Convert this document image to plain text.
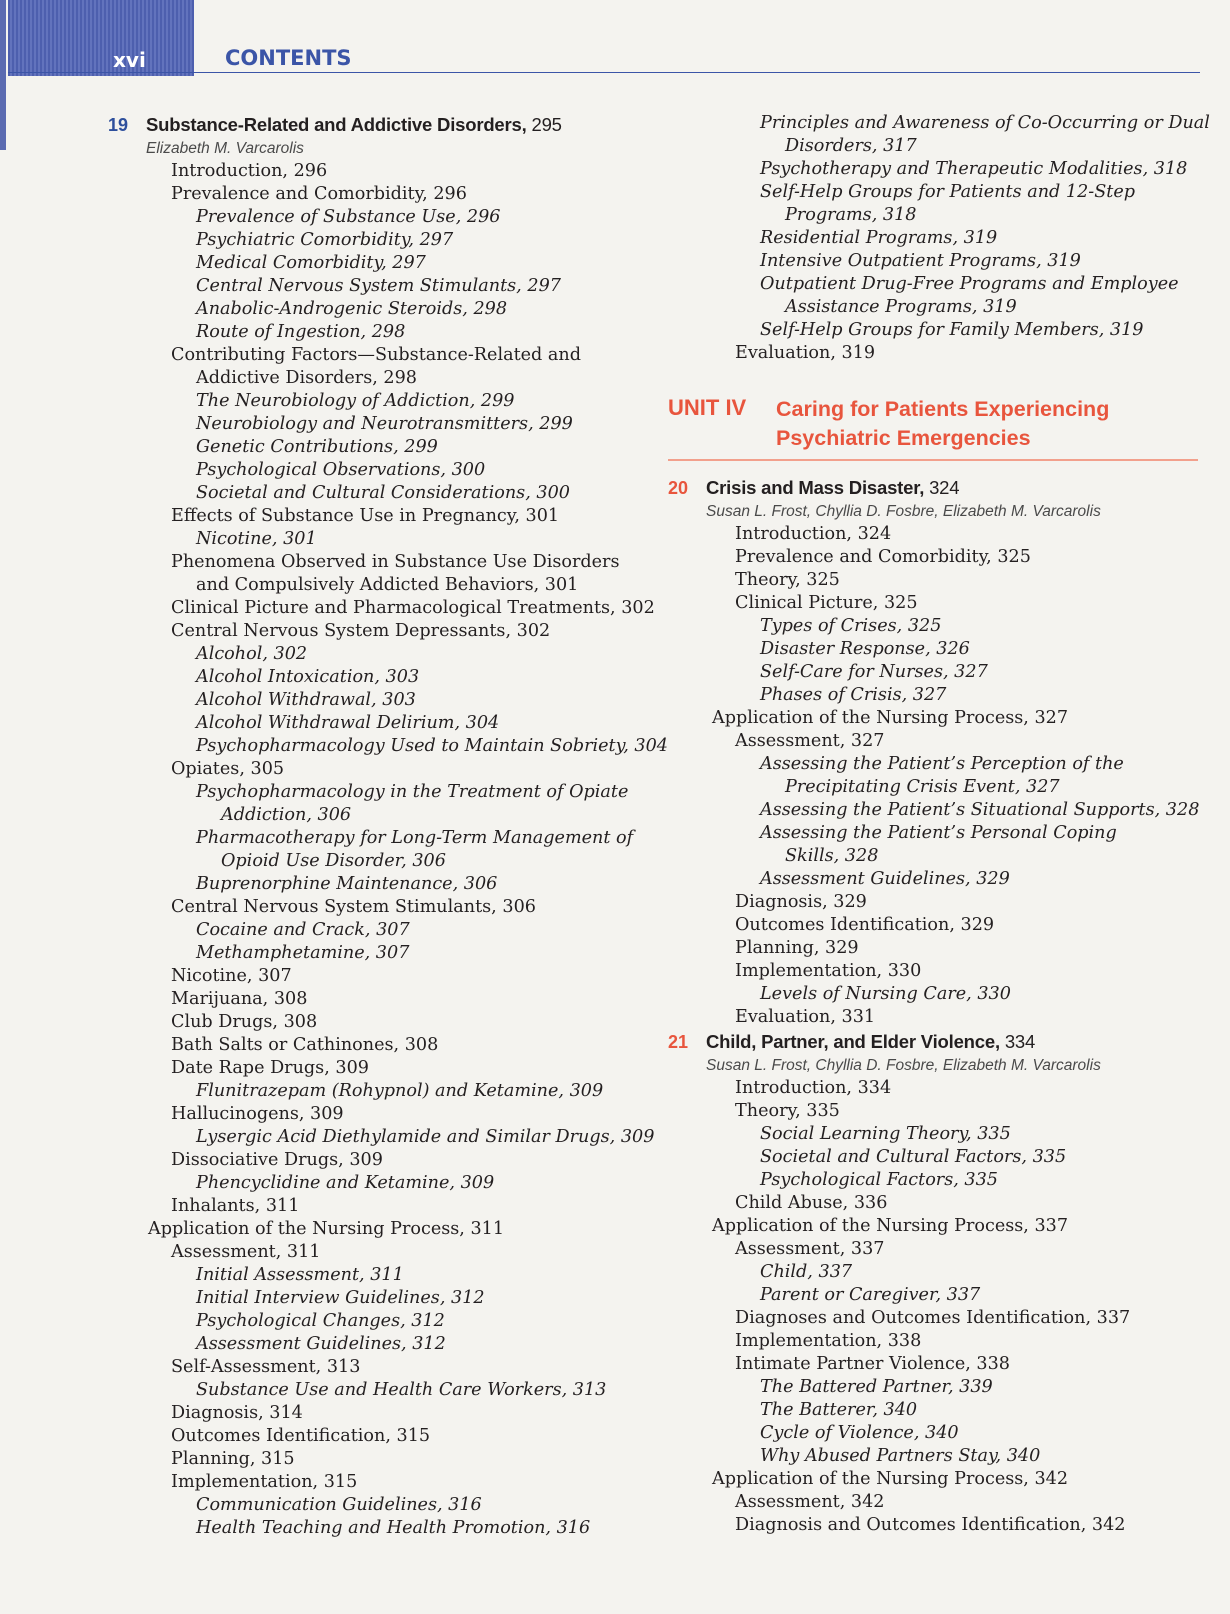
xvi	CONTENTS
19 Substance-Related and Addictive Disorders, 295
Elizabeth M. Varcarolis
Introduction, 296
Prevalence and Comorbidity, 296
Prevalence of Substance Use, 296
Psychiatric Comorbidity, 297
Medical Comorbidity, 297
Central Nervous System Stimulants, 297
Anabolic-Androgenic Steroids, 298
Route of Ingestion, 298
Contributing Factors—Substance-Related and
Addictive Disorders, 298
The Neurobiology of Addiction, 299
Neurobiology and Neurotransmitters, 299
Genetic Contributions, 299
Psychological Observations, 300
Societal and Cultural Considerations, 300
Effects of Substance Use in Pregnancy, 301
Nicotine, 301
Phenomena Observed in Substance Use Disorders
and Compulsively Addicted Behaviors, 301
Clinical Picture and Pharmacological Treatments, 302
Central Nervous System Depressants, 302
Alcohol, 302
Alcohol Intoxication, 303
Alcohol Withdrawal, 303
Alcohol Withdrawal Delirium, 304
Psychopharmacology Used to Maintain Sobriety, 304
Opiates, 305
Psychopharmacology in the Treatment of Opiate
Addiction, 306
Pharmacotherapy for Long-Term Management of
Opioid Use Disorder, 306
Buprenorphine Maintenance, 306
Central Nervous System Stimulants, 306
Cocaine and Crack, 307
Methamphetamine, 307
Nicotine, 307
Marijuana, 308
Club Drugs, 308
Bath Salts or Cathinones, 308
Date Rape Drugs, 309
Flunitrazepam (Rohypnol) and Ketamine, 309
Hallucinogens, 309
Lysergic Acid Diethylamide and Similar Drugs, 309
Dissociative Drugs, 309
Phencyclidine and Ketamine, 309
Inhalants, 311
Application of the Nursing Process, 311
Assessment, 311
Initial Assessment, 311
Initial Interview Guidelines, 312
Psychological Changes, 312
Assessment Guidelines, 312
Self-Assessment, 313
Substance Use and Health Care Workers, 313
Diagnosis, 314
Outcomes Identification, 315
Planning, 315
Implementation, 315
Communication Guidelines, 316
Health Teaching and Health Promotion, 316
Principles and Awareness of Co-Occurring or Dual
Disorders, 317
Psychotherapy and Therapeutic Modalities, 318
Self-Help Groups for Patients and 12-Step
Programs, 318
Residential Programs, 319
Intensive Outpatient Programs, 319
Outpatient Drug-Free Programs and Employee
Assistance Programs, 319
Self-Help Groups for Family Members, 319
Evaluation, 319
UNIT IV Caring for Patients Experiencing
Psychiatric Emergencies
20 Crisis and Mass Disaster, 324
Susan L. Frost, Chyllia D. Fosbre, Elizabeth M. Varcarolis
Introduction, 324
Prevalence and Comorbidity, 325
Theory, 325
Clinical Picture, 325
Types of Crises, 325
Disaster Response, 326
Self-Care for Nurses, 327
Phases of Crisis, 327
Application of the Nursing Process, 327
Assessment, 327
Assessing the Patient’s Perception of the
Precipitating Crisis Event, 327
Assessing the Patient’s Situational Supports, 328
Assessing the Patient’s Personal Coping
Skills, 328
Assessment Guidelines, 329
Diagnosis, 329
Outcomes Identification, 329
Planning, 329
Implementation, 330
Levels of Nursing Care, 330
Evaluation, 331
21 Child, Partner, and Elder Violence, 334
Susan L. Frost, Chyllia D. Fosbre, Elizabeth M. Varcarolis
Introduction, 334
Theory, 335
Social Learning Theory, 335
Societal and Cultural Factors, 335
Psychological Factors, 335
Child Abuse, 336
Application of the Nursing Process, 337
Assessment, 337
Child, 337
Parent or Caregiver, 337
Diagnoses and Outcomes Identification, 337
Implementation, 338
Intimate Partner Violence, 338
The Battered Partner, 339
The Batterer, 340
Cycle of Violence, 340
Why Abused Partners Stay, 340
Application of the Nursing Process, 342
Assessment, 342
Diagnosis and Outcomes Identification, 342
